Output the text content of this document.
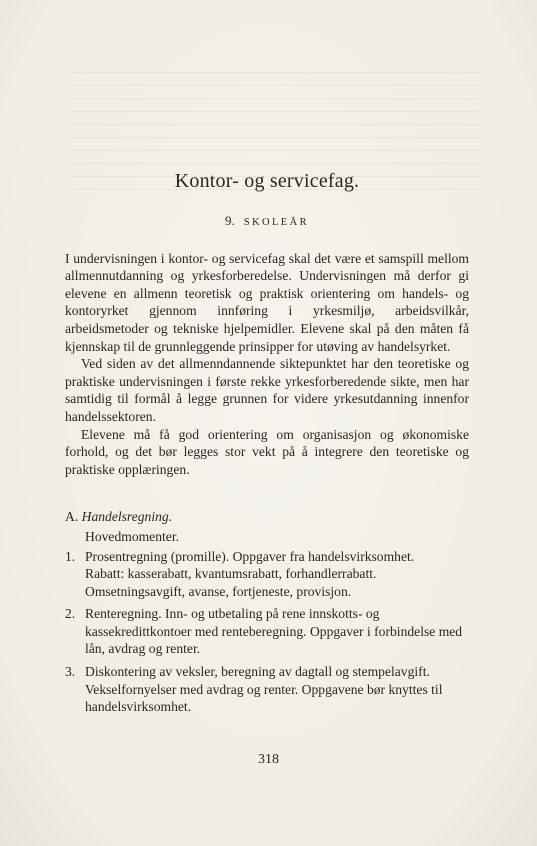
Kontor- og servicefag.
9. SKOLEÅR

I undervisningen i kontor- og servicefag skal det være et samspill mellom allmennutdanning og yrkesforberedelse. Undervisningen må derfor gi elevene en allmenn teoretisk og praktisk orientering om handels- og kontoryrket gjennom innføring i yrkesmiljø, arbeidsvilkår, arbeidsmetoder og tekniske hjelpemidler. Elevene skal på den måten få kjennskap til de grunnleggende prinsipper for utøving av handelsyrket.

Ved siden av det allmenndannende siktepunktet har den teoretiske og praktiske undervisningen i første rekke yrkesforberedende sikte, men har samtidig til formål å legge grunnen for videre yrkesutdanning innenfor handelssektoren.

Elevene må få god orientering om organisasjon og økonomiske forhold, og det bør legges stor vekt på å integrere den teoretiske og praktiske opplæringen.

A. Handelsregning.
Hovedmomenter.
1. Prosentregning (promille). Oppgaver fra handelsvirksomhet.
Rabatt: kasserabatt, kvantumsrabatt, forhandlerrabatt. Omsetningsavgift, avanse, fortjeneste, provisjon.
2. Renteregning. Inn- og utbetaling på rene innskotts- og kassekredittkontoer med renteberegning. Oppgaver i forbindelse med lån, avdrag og renter.
3. Diskontering av veksler, beregning av dagtall og stempelavgift. Vekselfornyelser med avdrag og renter. Oppgavene bør knyttes til handelsvirksomhet.
318
